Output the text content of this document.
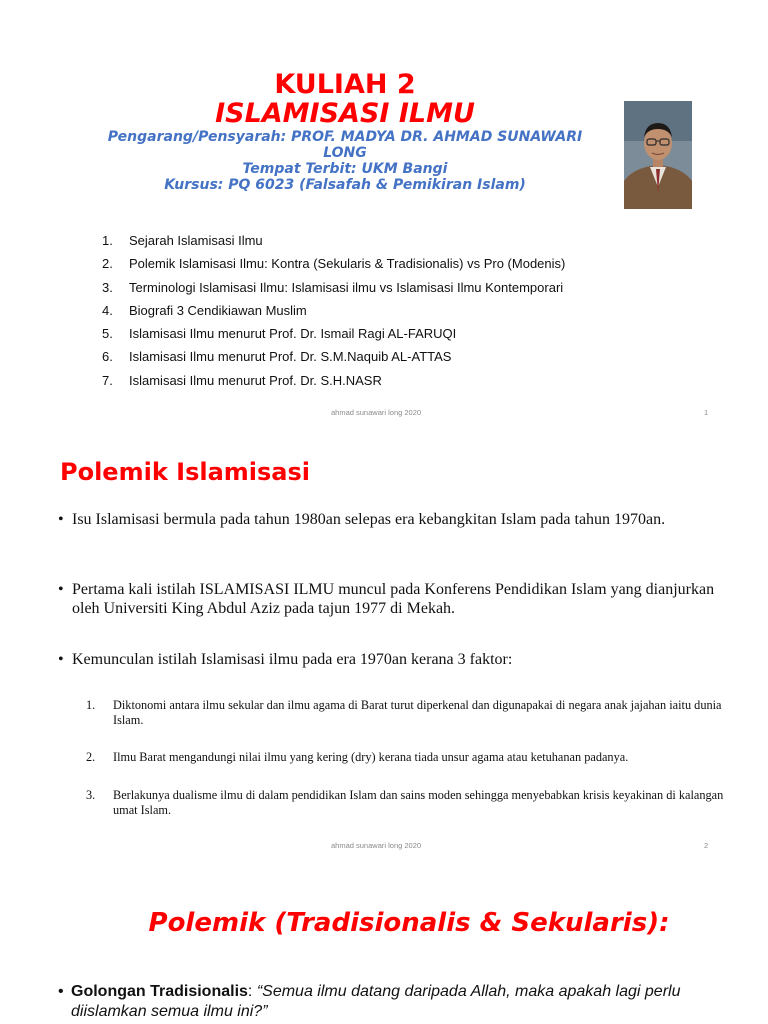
KULIAH 2
ISLAMISASI ILMU
Pengarang/Pensyarah: PROF. MADYA DR. AHMAD SUNAWARI
LONG
Tempat Terbit: UKM Bangi
Kursus: PQ 6023 (Falsafah & Pemikiran Islam)
1. Sejarah Islamisasi Ilmu
2. Polemik Islamisasi Ilmu: Kontra (Sekularis & Tradisionalis) vs Pro (Modenis)
3. Terminologi Islamisasi Ilmu: Islamisasi ilmu vs Islamisasi Ilmu Kontemporari
4. Biografi 3 Cendikiawan Muslim
5. Islamisasi Ilmu menurut Prof. Dr. Ismail Ragi AL-FARUQI
6. Islamisasi Ilmu menurut Prof. Dr. S.M.Naquib AL-ATTAS
7. Islamisasi Ilmu menurut Prof. Dr. S.H.NASR
ahmad sunawari long 2020	1
Polemik Islamisasi
• Isu Islamisasi bermula pada tahun 1980an selepas era kebangkitan Islam pada tahun 1970an.
• Pertama kali istilah ISLAMISASI ILMU muncul pada Konferens Pendidikan Islam yang dianjurkan oleh Universiti King Abdul Aziz pada tajun 1977 di Mekah.
• Kemunculan istilah Islamisasi ilmu pada era 1970an kerana 3 faktor:
1. Diktonomi antara ilmu sekular dan ilmu agama di Barat turut diperkenal dan digunapakai di negara anak jajahan iaitu dunia Islam.
2. Ilmu Barat mengandungi nilai ilmu yang kering (dry) kerana tiada unsur agama atau ketuhanan padanya.
3. Berlakunya dualisme ilmu di dalam pendidikan Islam dan sains moden sehingga menyebabkan krisis keyakinan di kalangan umat Islam.
ahmad sunawari long 2020	2
Polemik (Tradisionalis & Sekularis):
• Golongan Tradisionalis: “Semua ilmu datang daripada Allah, maka apakah lagi perlu diislamkan semua ilmu ini?”
